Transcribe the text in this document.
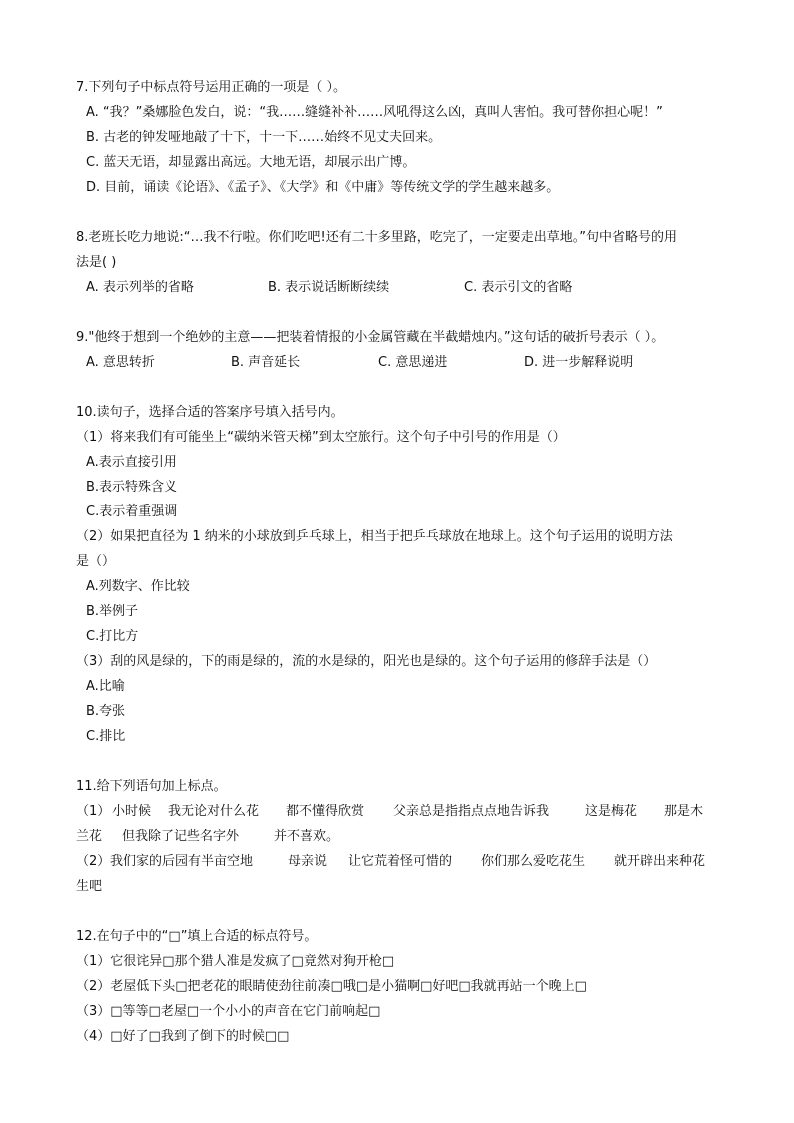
7.下列句子中标点符号运用正确的一项是（ ）。
A. “我？”桑娜脸色发白，说：“我……缝缝补补……风吼得这么凶，真叫人害怕。我可替你担心呢！”
B. 古老的钟发哑地敲了十下，十一下……始终不见丈夫回来。
C. 蓝天无语，却显露出高远。大地无语，却展示出广博。
D. 目前，诵读《论语》、《孟子》、《大学》和《中庸》等传统文学的学生越来越多。
8.老班长吃力地说:“…我不行啦。你们吃吧!还有二十多里路，吃完了，一定要走出草地。”句中省略号的用
法是( )
A. 表示列举的省略	B. 表示说话断断续续	C. 表示引文的省略
9."他终于想到一个绝妙的主意——把装着情报的小金属管藏在半截蜡烛内。”这句话的破折号表示（ ）。
A. 意思转折	B. 声音延长	C. 意思递进	D. 进一步解释说明
10.读句子，选择合适的答案序号填入括号内。
（1）将来我们有可能坐上“碳纳米管天梯”到太空旅行。这个句子中引号的作用是（）
A.表示直接引用
B.表示特殊含义
C.表示着重强调
（2）如果把直径为 1 纳米的小球放到乒乓球上，相当于把乒乓球放在地球上。这个句子运用的说明方法
是（）
A.列数字、作比较
B.举例子
C.打比方
（3）刮的风是绿的，下的雨是绿的，流的水是绿的，阳光也是绿的。这个句子运用的修辞手法是（）
A.比喻
B.夸张
C.排比
11.给下列语句加上标点。
（1） 小时候 我无论对什么花 都不懂得欣赏 父亲总是指指点点地告诉我	这是梅花 那是木
兰花 但我除了记些名字外	并不喜欢。
（2） 我们家的后园有半亩空地	母亲说 让它荒着怪可惜的 你们那么爱吃花生 就开辟出来种花
生吧
12.在句子中的“□”填上合适的标点符号。
（1）它很诧异□那个猎人准是发疯了□竟然对狗开枪□
（2）老屋低下头□把老花的眼睛使劲往前凑□哦□是小猫啊□好吧□我就再站一个晚上□
（3）□等等□老屋□一个小小的声音在它门前响起□
（4）□好了□我到了倒下的时候□□
